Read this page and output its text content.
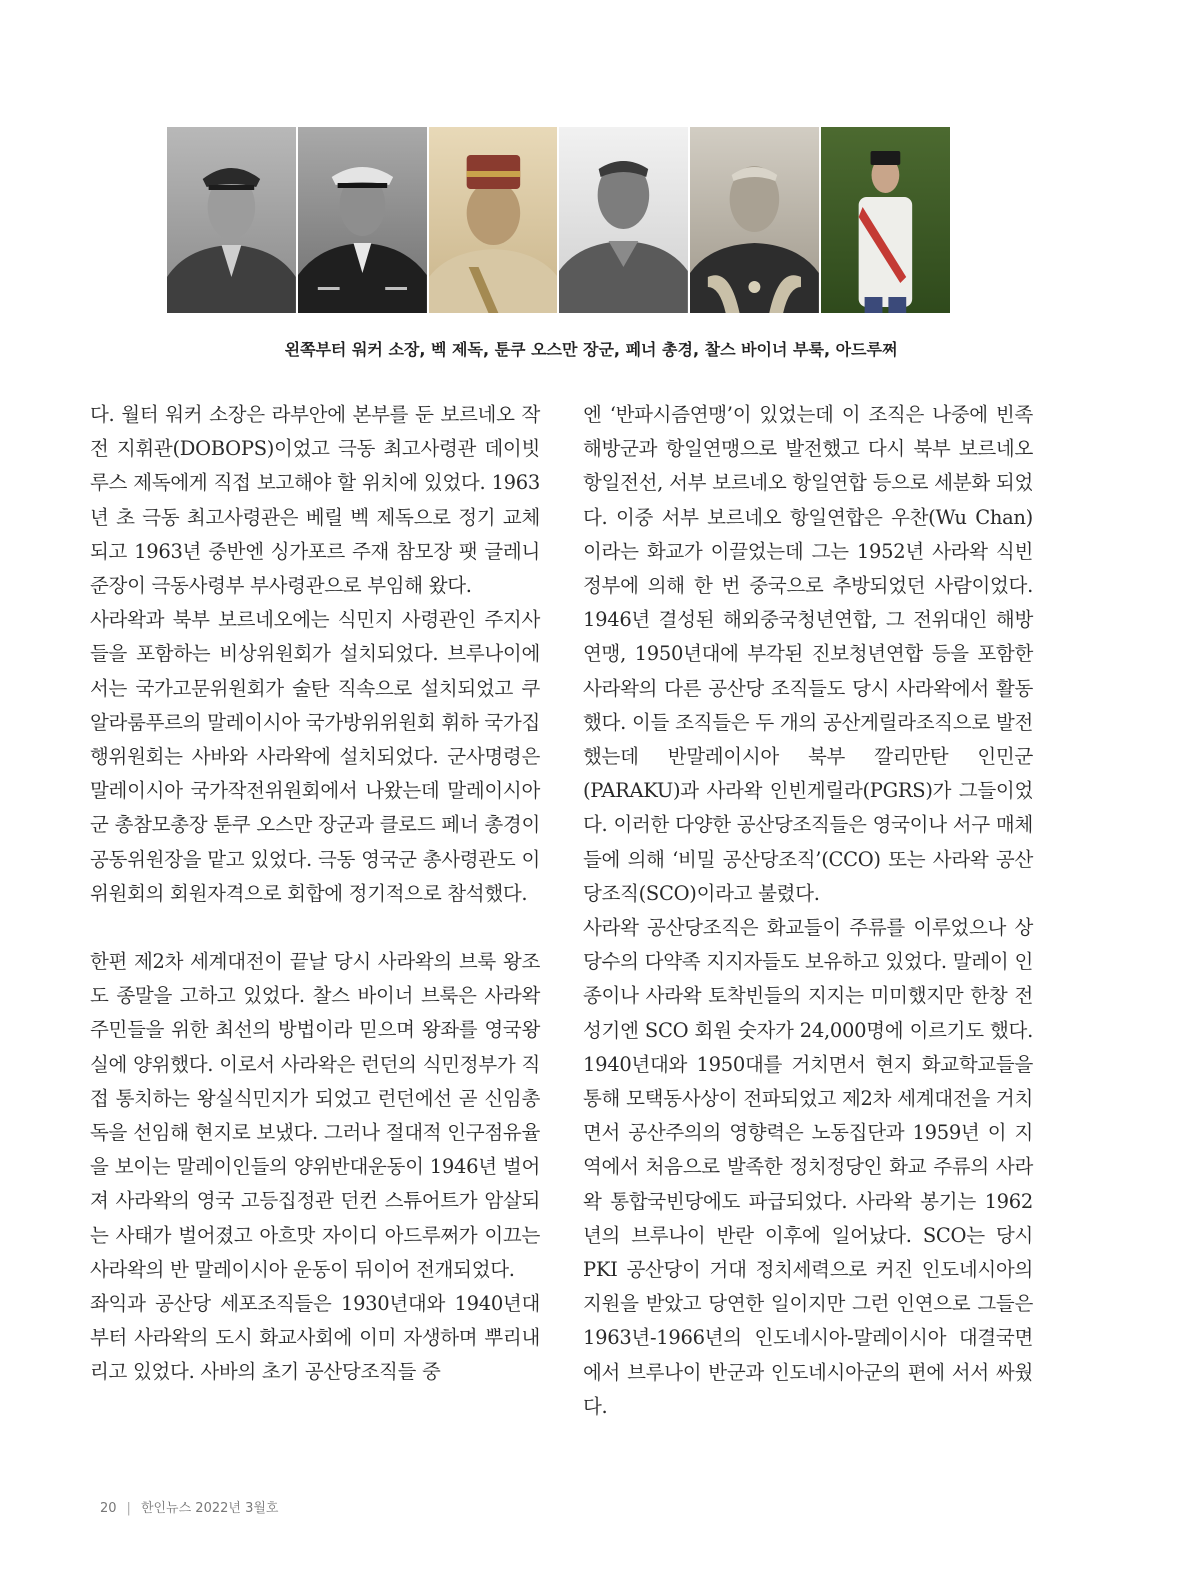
왼쪽부터 워커 소장, 벡 제독, 툰쿠 오스만 장군, 페너 총경, 찰스 바이너 부룩, 아드루쩌

다. 월터 워커 소장은 라부안에 본부를 둔 보르네오 작전 지휘관(DOBOPS)이었고 극동 최고사령관 데이빗 루스 제독에게 직접 보고해야 할 위치에 있었다. 1963년 초 극동 최고사령관은 베릴 벡 제독으로 정기 교체되고 1963년 중반엔 싱가포르 주재 참모장 팻 글레니 준장이 극동사령부 부사령관으로 부임해 왔다.

사라왁과 북부 보르네오에는 식민지 사령관인 주지사들을 포함하는 비상위원회가 설치되었다. 브루나이에서는 국가고문위원회가 술탄 직속으로 설치되었고 쿠알라룸푸르의 말레이시아 국가방위위원회 휘하 국가집행위원회는 사바와 사라왁에 설치되었다. 군사명령은 말레이시아 국가작전위원회에서 나왔는데 말레이시아군 총참모총장 툰쿠 오스만 장군과 클로드 페너 총경이 공동위원장을 맡고 있었다. 극동 영국군 총사령관도 이 위원회의 회원자격으로 회합에 정기적으로 참석했다.

한편 제2차 세계대전이 끝날 당시 사라왁의 브룩 왕조도 종말을 고하고 있었다. 찰스 바이너 브룩은 사라왁 주민들을 위한 최선의 방법이라 믿으며 왕좌를 영국왕실에 양위했다. 이로서 사라왁은 런던의 식민정부가 직접 통치하는 왕실식민지가 되었고 런던에선 곧 신임총독을 선임해 현지로 보냈다. 그러나 절대적 인구점유율을 보이는 말레이인들의 양위반대운동이 1946년 벌어져 사라왁의 영국 고등집정관 던컨 스튜어트가 암살되는 사태가 벌어졌고 아흐맛 자이디 아드루쩌가 이끄는 사라왁의 반 말레이시아 운동이 뒤이어 전개되었다.

좌익과 공산당 세포조직들은 1930년대와 1940년대부터 사라왁의 도시 화교사회에 이미 자생하며 뿌리내리고 있었다. 사바의 초기 공산당조직들 중

엔 ‘반파시즘연맹’이 있었는데 이 조직은 나중에 빈족해방군과 항일연맹으로 발전했고 다시 북부 보르네오 항일전선, 서부 보르네오 항일연합 등으로 세분화 되었다. 이중 서부 보르네오 항일연합은 우찬(Wu Chan)이라는 화교가 이끌었는데 그는 1952년 사라왁 식빈정부에 의해 한 번 중국으로 추방되었던 사람이었다. 1946년 결성된 해외중국청년연합, 그 전위대인 해방연맹, 1950년대에 부각된 진보청년연합 등을 포함한 사라왁의 다른 공산당 조직들도 당시 사라왁에서 활동했다. 이들 조직들은 두 개의 공산게릴라조직으로 발전했는데 반말레이시아 북부 깔리만탄 인민군(PARAKU)과 사라왁 인빈게릴라(PGRS)가 그들이었다. 이러한 다양한 공산당조직들은 영국이나 서구 매체들에 의해 ‘비밀 공산당조직’(CCO) 또는 사라왁 공산당조직(SCO)이라고 불렸다.

사라왁 공산당조직은 화교들이 주류를 이루었으나 상당수의 다약족 지지자들도 보유하고 있었다. 말레이 인종이나 사라왁 토착빈들의 지지는 미미했지만 한창 전성기엔 SCO 회원 숫자가 24,000명에 이르기도 했다. 1940년대와 1950대를 거치면서 현지 화교학교들을 통해 모택동사상이 전파되었고 제2차 세계대전을 거치면서 공산주의의 영향력은 노동집단과 1959년 이 지역에서 처음으로 발족한 정치정당인 화교 주류의 사라왁 통합국빈당에도 파급되었다. 사라왁 봉기는 1962년의 브루나이 반란 이후에 일어났다. SCO는 당시 PKI 공산당이 거대 정치세력으로 커진 인도네시아의 지원을 받았고 당연한 일이지만 그런 인연으로 그들은 1963년-1966년의 인도네시아-말레이시아 대결국면에서 브루나이 반군과 인도네시아군의 편에 서서 싸웠다.

20 | 한인뉴스 2022년 3월호
